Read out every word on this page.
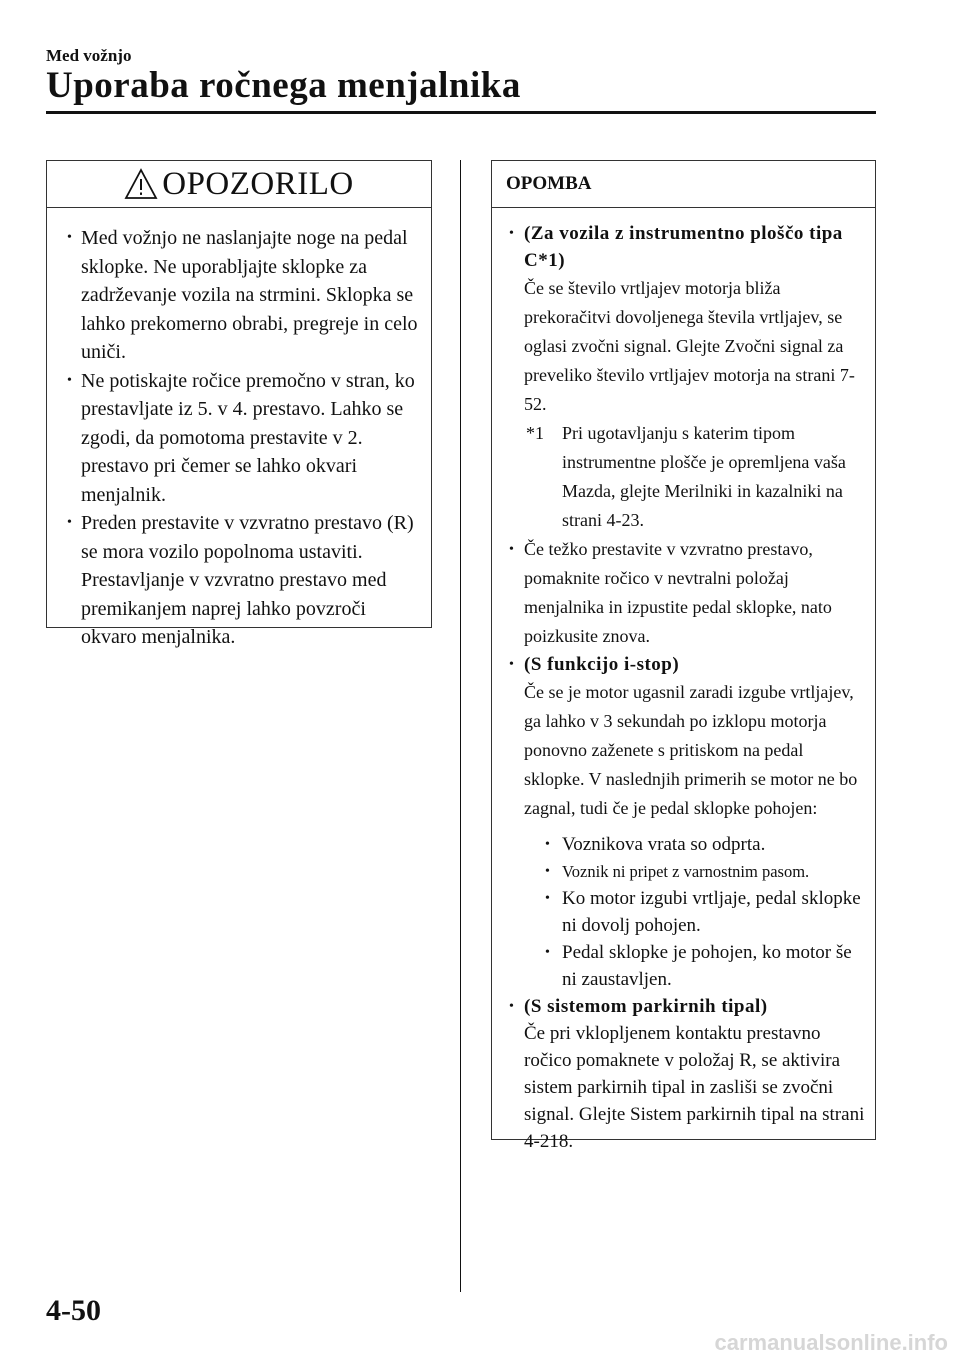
Med vožnjo
Uporaba ročnega menjalnika
OPOZORILO
• Med vožnjo ne naslanjajte noge na pedal sklopke. Ne uporabljajte sklopke za zadrževanje vozila na strmini. Sklopka se lahko prekomerno obrabi, pregreje in celo uniči.
• Ne potiskajte ročice premočno v stran, ko prestavljate iz 5. v 4. prestavo. Lahko se zgodi, da pomotoma prestavite v 2. prestavo pri čemer se lahko okvari menjalnik.
• Preden prestavite v vzvratno prestavo (R) se mora vozilo popolnoma ustaviti. Prestavljanje v vzvratno prestavo med premikanjem naprej lahko povzroči okvaro menjalnika.
OPOMBA
• (Za vozila z instrumentno ploščo tipa C*1)
Če se število vrtljajev motorja bliža prekoračitvi dovoljenega števila vrtljajev, se oglasi zvočni signal. Glejte Zvočni signal za preveliko število vrtljajev motorja na strani 7-52.
*1 Pri ugotavljanju s katerim tipom instrumentne plošče je opremljena vaša Mazda, glejte Merilniki in kazalniki na strani 4-23.
• Če težko prestavite v vzvratno prestavo, pomaknite ročico v nevtralni položaj menjalnika in izpustite pedal sklopke, nato poizkusite znova.
• (S funkcijo i-stop)
Če se je motor ugasnil zaradi izgube vrtljajev, ga lahko v 3 sekundah po izklopu motorja ponovno zaženete s pritiskom na pedal sklopke. V naslednjih primerih se motor ne bo zagnal, tudi če je pedal sklopke pohojen:
• Voznikova vrata so odprta.
• Voznik ni pripet z varnostnim pasom.
• Ko motor izgubi vrtljaje, pedal sklopke ni dovolj pohojen.
• Pedal sklopke je pohojen, ko motor še ni zaustavljen.
• (S sistemom parkirnih tipal)
Če pri vklopljenem kontaktu prestavno ročico pomaknete v položaj R, se aktivira sistem parkirnih tipal in zasliši se zvočni signal. Glejte Sistem parkirnih tipal na strani 4-218.
4-50
carmanualsonline.info
